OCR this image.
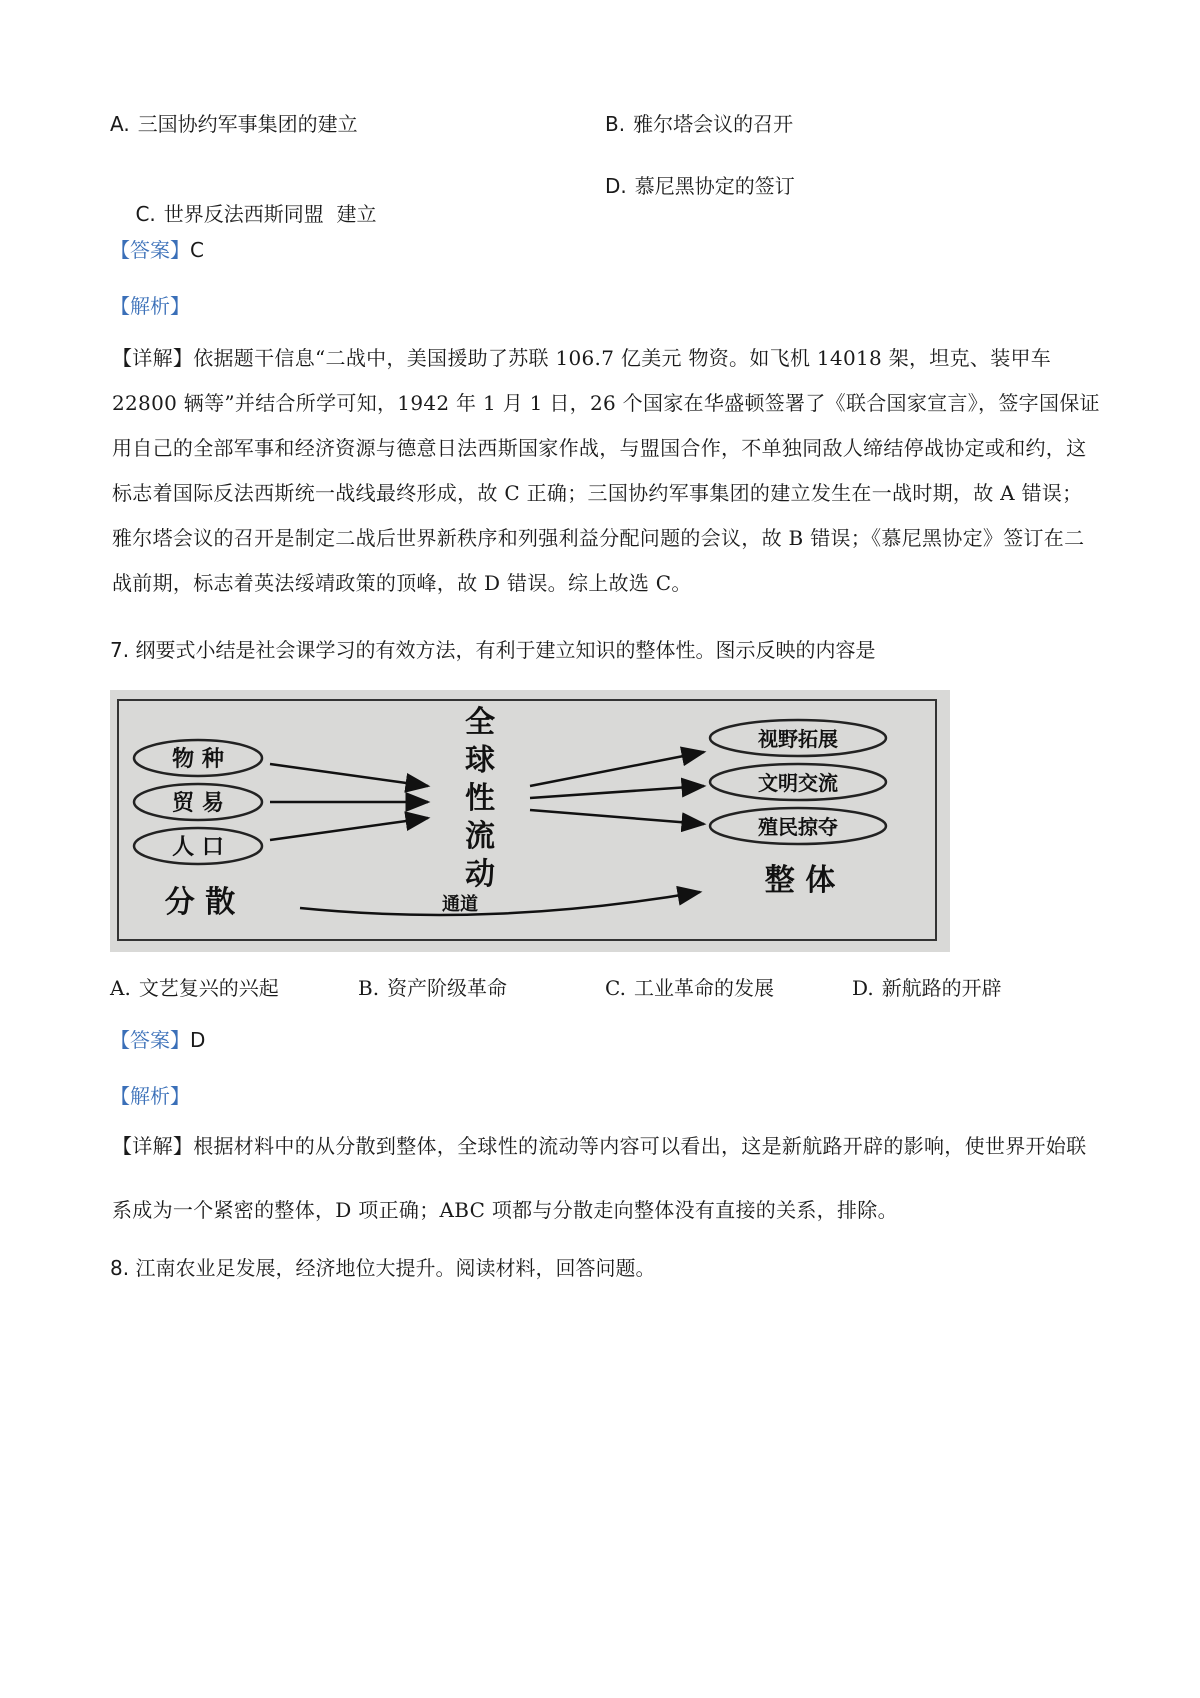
A. 三国协约军事集团的建立	B. 雅尔塔会议的召开

C. 世界反法西斯同盟  建立

D. 慕尼黑协定的签订
【答案】C
【解析】
【详解】依据题干信息“二战中，美国援助了苏联 106.7 亿美元 物资。如飞机 14018 架，坦克、装甲车 22800 辆等”并结合所学可知，1942 年 1 月 1 日，26 个国家在华盛顿签署了《联合国家宣言》，签字国保证用自己的全部军事和经济资源与德意日法西斯国家作战，与盟国合作，不单独同敌人缔结停战协定或和约，这标志着国际反法西斯统一战线最终形成，故 C 正确；三国协约军事集团的建立发生在一战时期，故 A 错误；雅尔塔会议的召开是制定二战后世界新秩序和列强利益分配问题的会议，故 B 错误；《慕尼黑协定》签订在二战前期，标志着英法绥靖政策的顶峰，故 D 错误。综上故选 C。
7. 纲要式小结是社会课学习的有效方法，有利于建立知识的整体性。图示反映的内容是
物 种
贸 易
人 口
全
球
性
流
动
视野拓展
文明交流
殖民掠夺
分 散	通道
整 体
A. 文艺复兴的兴起	B. 资产阶级革命	C. 工业革命的发展	D. 新航路的开辟
【答案】D
【解析】
【详解】根据材料中的从分散到整体，全球性的流动等内容可以看出，这是新航路开辟的影响，使世界开始联系成为一个紧密的整体，D 项正确；ABC 项都与分散走向整体没有直接的关系，排除。
8. 江南农业足发展，经济地位大提升。阅读材料，回答问题。
